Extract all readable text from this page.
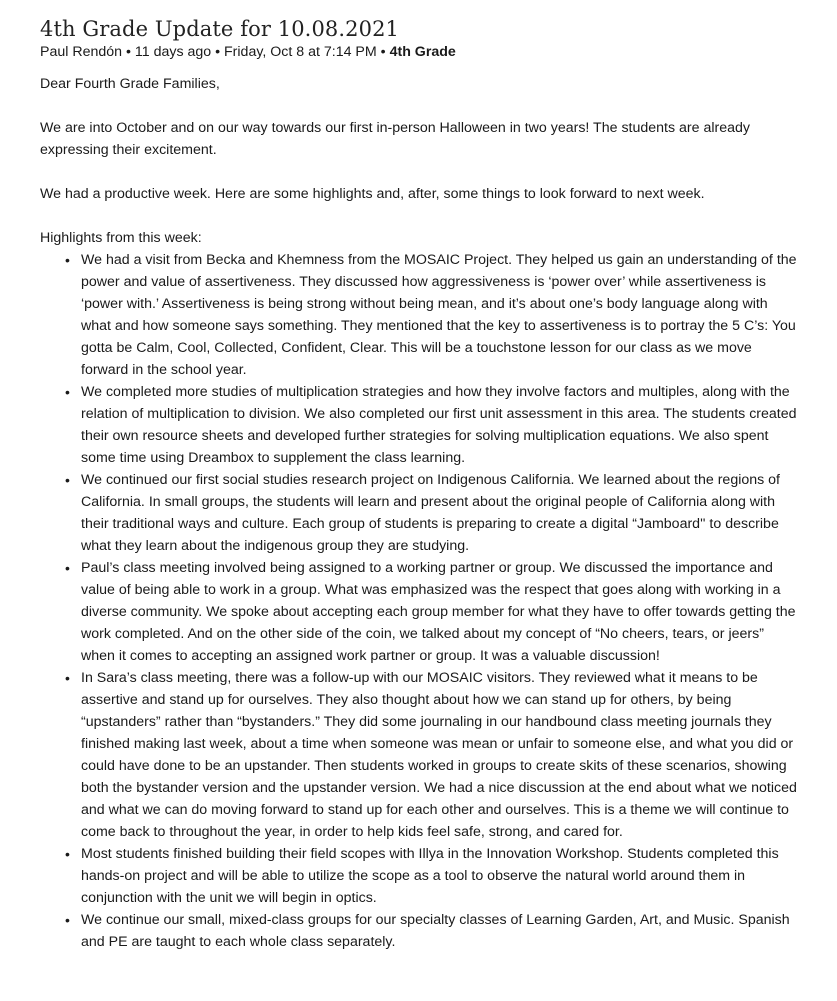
4th Grade Update for 10.08.2021
Paul Rendón • 11 days ago • Friday, Oct 8 at 7:14 PM • 4th Grade

Dear Fourth Grade Families,

We are into October and on our way towards our first in-person Halloween in two years! The students are already expressing their excitement.

We had a productive week. Here are some highlights and, after, some things to look forward to next week.

Highlights from this week:

• We had a visit from Becka and Khemness from the MOSAIC Project. They helped us gain an understanding of the power and value of assertiveness. They discussed how aggressiveness is ‘power over’ while assertiveness is ‘power with.’ Assertiveness is being strong without being mean, and it’s about one’s body language along with what and how someone says something. They mentioned that the key to assertiveness is to portray the 5 C’s: You gotta be Calm, Cool, Collected, Confident, Clear. This will be a touchstone lesson for our class as we move forward in the school year.
• We completed more studies of multiplication strategies and how they involve factors and multiples, along with the relation of multiplication to division. We also completed our first unit assessment in this area. The students created their own resource sheets and developed further strategies for solving multiplication equations. We also spent some time using Dreambox to supplement the class learning.
• We continued our first social studies research project on Indigenous California. We learned about the regions of California. In small groups, the students will learn and present about the original people of California along with their traditional ways and culture. Each group of students is preparing to create a digital “Jamboard'' to describe what they learn about the indigenous group they are studying.
• Paul’s class meeting involved being assigned to a working partner or group. We discussed the importance and value of being able to work in a group. What was emphasized was the respect that goes along with working in a diverse community. We spoke about accepting each group member for what they have to offer towards getting the work completed. And on the other side of the coin, we talked about my concept of “No cheers, tears, or jeers” when it comes to accepting an assigned work partner or group. It was a valuable discussion!
• In Sara’s class meeting, there was a follow-up with our MOSAIC visitors. They reviewed what it means to be assertive and stand up for ourselves. They also thought about how we can stand up for others, by being “upstanders” rather than “bystanders.” They did some journaling in our handbound class meeting journals they finished making last week, about a time when someone was mean or unfair to someone else, and what you did or could have done to be an upstander. Then students worked in groups to create skits of these scenarios, showing both the bystander version and the upstander version. We had a nice discussion at the end about what we noticed and what we can do moving forward to stand up for each other and ourselves. This is a theme we will continue to come back to throughout the year, in order to help kids feel safe, strong, and cared for.
• Most students finished building their field scopes with Illya in the Innovation Workshop. Students completed this hands-on project and will be able to utilize the scope as a tool to observe the natural world around them in conjunction with the unit we will begin in optics.
• We continue our small, mixed-class groups for our specialty classes of Learning Garden, Art, and Music. Spanish and PE are taught to each whole class separately.
